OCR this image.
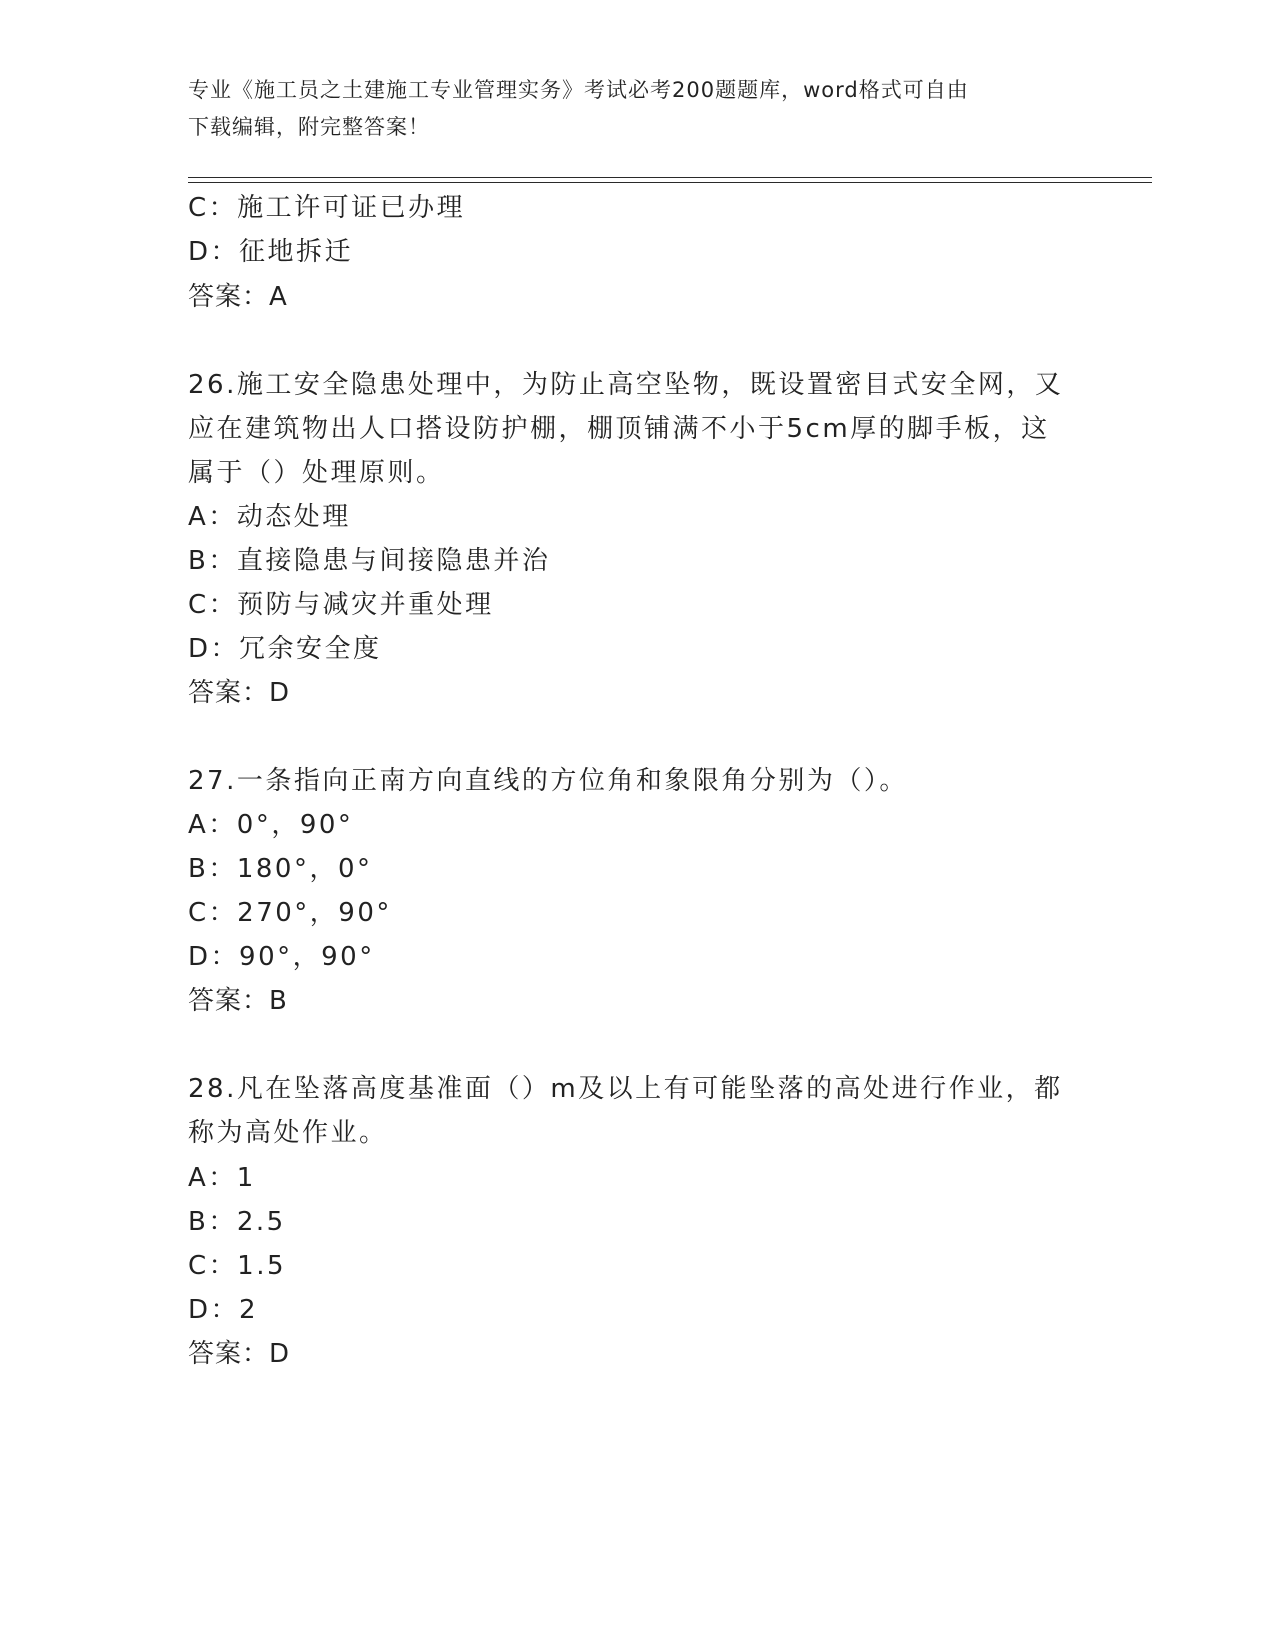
专业《施工员之土建施工专业管理实务》考试必考200题题库，word格式可自由
下载编辑，附完整答案！
C：施工许可证已办理
D：征地拆迁
答案：A
26.施工安全隐患处理中，为防止高空坠物，既设置密目式安全网，又
应在建筑物出人口搭设防护棚，棚顶铺满不小于5cm厚的脚手板，这
属于（）处理原则。
A：动态处理
B：直接隐患与间接隐患并治
C：预防与减灾并重处理
D：冗余安全度
答案：D
27.一条指向正南方向直线的方位角和象限角分别为（）。
A：0°，90°
B：180°，0°
C：270°，90°
D：90°，90°
答案：B
28.凡在坠落高度基准面（）m及以上有可能坠落的高处进行作业，都
称为高处作业。
A：1
B：2.5
C：1.5
D：2
答案：D
